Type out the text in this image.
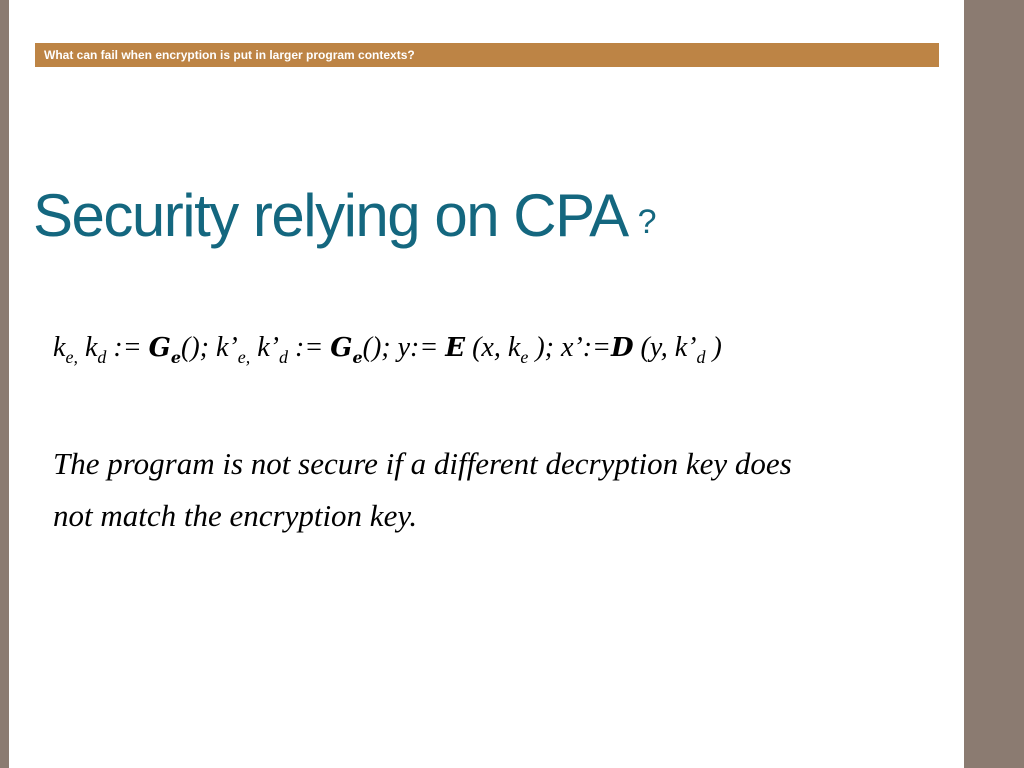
What can fail when encryption is put in larger program contexts?
Security relying on CPA ?
$k_{e,}$ $k_d$ := $G_e()$; $k’_{e,}$ $k’_d$ := $G_e()$; y:= E (x, $k_e$ ); x’:=D (y, $k’_d$ )
The program is not secure if a different decryption key does
not match the encryption key.
